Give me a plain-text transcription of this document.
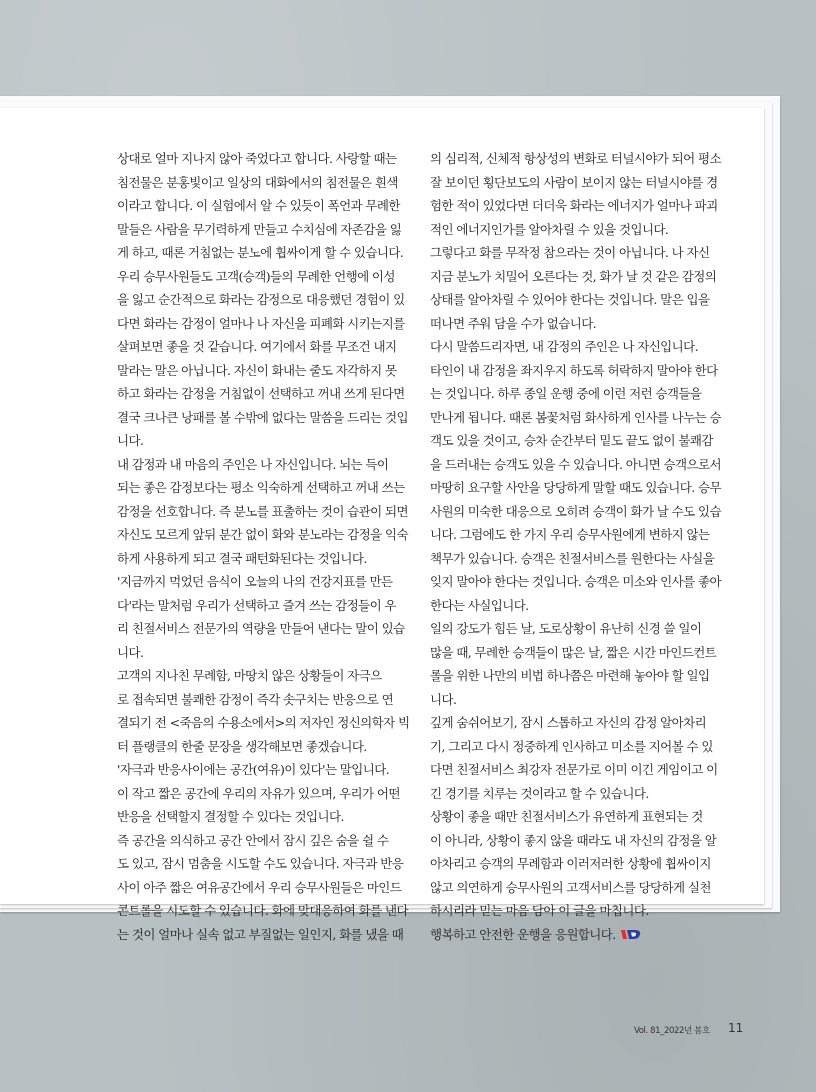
상대로 얼마 지나지 않아 죽었다고 합니다. 사랑할 때는

침전물은 분홍빛이고 일상의 대화에서의 침전물은 흰색

이라고 합니다. 이 실험에서 알 수 있듯이 폭언과 무례한

말들은 사람을 무기력하게 만들고 수치심에 자존감을 잃

게 하고, 때론 거침없는 분노에 휩싸이게 할 수 있습니다.

우리 승무사원들도 고객(승객)들의 무례한 언행에 이성

을 잃고 순간적으로 화라는 감정으로 대응했던 경험이 있

다면 화라는 감정이 얼마나 나 자신을 피폐화 시키는지를

살펴보면 좋을 것 같습니다. 여기에서 화를 무조건 내지

말라는 말은 아닙니다. 자신이 화내는 줄도 자각하지 못

하고 화라는 감정을 거침없이 선택하고 꺼내 쓰게 된다면

결국 크나큰 낭패를 볼 수밖에 없다는 말씀을 드리는 것입

니다.

내 감정과 내 마음의 주인은 나 자신입니다. 뇌는 득이

되는 좋은 감정보다는 평소 익숙하게 선택하고 꺼내 쓰는

감정을 선호합니다. 즉 분노를 표출하는 것이 습관이 되면

자신도 모르게 앞뒤 분간 없이 화와 분노라는 감정을 익숙

하게 사용하게 되고 결국 패턴화된다는 것입니다.

'지금까지 먹었던 음식이 오늘의 나의 건강지표를 만든

다'라는 말처럼 우리가 선택하고 즐겨 쓰는 감정들이 우

리 친절서비스 전문가의 역량을 만들어 낸다는 말이 있습

니다.

고객의 지나친 무례함, 마땅치 않은 상황들이 자극으

로 접속되면 불쾌한 감정이 즉각 솟구치는 반응으로 연

결되기 전 <죽음의 수용소에서>의 저자인 정신의학자 빅

터 플랭클의 한줄 문장을 생각해보면 좋겠습니다.

'자극과 반응사이에는 공간(여유)이 있다'는 말입니다.

이 작고 짧은 공간에 우리의 자유가 있으며, 우리가 어떤

반응을 선택할지 결정할 수 있다는 것입니다.

즉 공간을 의식하고 공간 안에서 잠시 깊은 숨을 쉴 수

도 있고, 잠시 멈춤을 시도할 수도 있습니다. 자극과 반응

사이 아주 짧은 여유공간에서 우리 승무사원들은 마인드

콘트롤을 시도할 수 있습니다. 화에 맞대응하여 화를 낸다

는 것이 얼마나 실속 없고 부질없는 일인지, 화를 냈을 때

의 심리적, 신체적 항상성의 변화로 터널시야가 되어 평소

잘 보이던 횡단보도의 사람이 보이지 않는 터널시야를 경

험한 적이 있었다면 더더욱 화라는 에너지가 얼마나 파괴

적인 에너지인가를 알아차릴 수 있을 것입니다.

그렇다고 화를 무작정 참으라는 것이 아닙니다. 나 자신

지금 분노가 치밀어 오른다는 것, 화가 날 것 같은 감정의

상태를 알아차릴 수 있어야 한다는 것입니다. 말은 입을

떠나면 주워 담을 수가 없습니다.

다시 말씀드리자면, 내 감정의 주인은 나 자신입니다.

타인이 내 감정을 좌지우지 하도록 허락하지 말아야 한다

는 것입니다. 하루 종일 운행 중에 이런 저런 승객들을

만나게 됩니다. 때론 봄꽃처럼 화사하게 인사를 나누는 승

객도 있을 것이고, 승차 순간부터 밑도 끝도 없이 불쾌감

을 드러내는 승객도 있을 수 있습니다. 아니면 승객으로서

마땅히 요구할 사안을 당당하게 말할 때도 있습니다. 승무

사원의 미숙한 대응으로 오히려 승객이 화가 날 수도 있습

니다. 그럼에도 한 가지 우리 승무사원에게 변하지 않는

책무가 있습니다. 승객은 친절서비스를 원한다는 사실을

잊지 말아야 한다는 것입니다. 승객은 미소와 인사를 좋아

한다는 사실입니다.

일의 강도가 힘든 날, 도로상황이 유난히 신경 쓸 일이

많을 때, 무례한 승객들이 많은 날, 짧은 시간 마인드컨트

롤을 위한 나만의 비법 하나쯤은 마련해 놓아야 할 일입

니다.

깊게 숨쉬어보기, 잠시 스톱하고 자신의 감정 알아차리

기, 그리고 다시 정중하게 인사하고 미소를 지어볼 수 있

다면 친절서비스 최강자 전문가로 이미 이긴 게임이고 이

긴 경기를 치루는 것이라고 할 수 있습니다.

상황이 좋을 때만 친절서비스가 유연하게 표현되는 것

이 아니라, 상황이 좋지 않을 때라도 내 자신의 감정을 알

아차리고 승객의 무례함과 이러저러한 상황에 휩싸이지

않고 의연하게 승무사원의 고객서비스를 당당하게 실천

하시리라 믿는 마음 담아 이 글을 마칩니다.

행복하고 안전한 운행을 응원합니다.

Vol. 81_2022년 봄호 11
